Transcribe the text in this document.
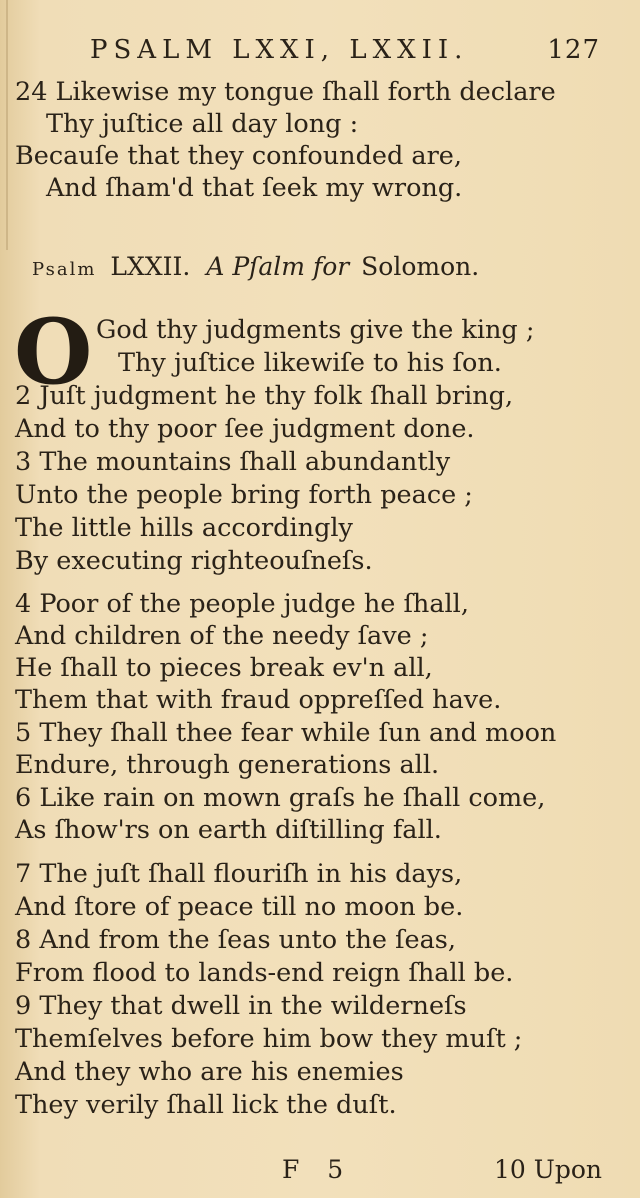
PSALM LXXI, LXXII.	127
24 Likewise my tongue ſhall forth declare
Thy juſtice all day long :
Becauſe that they confounded are,
And ſham'd that ſeek my wrong.
Psalm LXXII. A Pſalm for Solomon.
O God thy judgments give the king ;
Thy juſtice likewiſe to his ſon.
2 Juſt judgment he thy folk ſhall bring,
And to thy poor ſee judgment done.
3 The mountains ſhall abundantly
Unto the people bring forth peace ;
The little hills accordingly
By executing righteouſneſs.
4 Poor of the people judge he ſhall,
And children of the needy ſave ;
He ſhall to pieces break ev'n all,
Them that with fraud oppreſſed have.
5 They ſhall thee fear while ſun and moon
Endure, through generations all.
6 Like rain on mown graſs he ſhall come,
As ſhow'rs on earth diſtilling fall.
7 The juſt ſhall flouriſh in his days,
And ſtore of peace till no moon be.
8 And from the ſeas unto the ſeas,
From flood to lands-end reign ſhall be.
9 They that dwell in the wilderneſs
Themſelves before him bow they muſt ;
And they who are his enemies
They verily ſhall lick the duſt.
F 5	10 Upon
